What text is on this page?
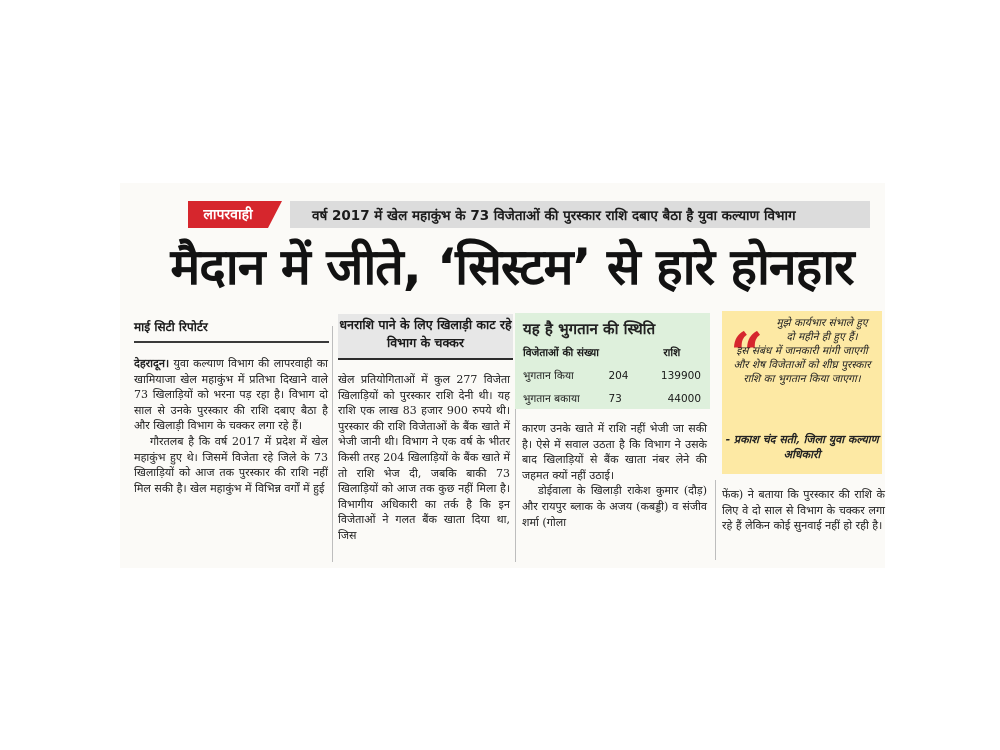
लापरवाही	वर्ष 2017 में खेल महाकुंभ के 73 विजेताओं की पुरस्कार राशि दबाए बैठा है युवा कल्याण विभाग
मैदान में जीते, ‘सिस्टम’ से हारे होनहार
माई सिटी रिपोर्टर

देहरादून। युवा कल्याण विभाग की लापरवाही का खामियाजा खेल महाकुंभ में प्रतिभा दिखाने वाले 73 खिलाड़ियों को भरना पड़ रहा है। विभाग दो साल से उनके पुरस्कार की राशि दबाए बैठा है और खिलाड़ी विभाग के चक्कर लगा रहे हैं।

गौरतलब है कि वर्ष 2017 में प्रदेश में खेल महाकुंभ हुए थे। जिसमें विजेता रहे जिले के 73 खिलाड़ियों को आज तक पुरस्कार की राशि नहीं मिल सकी है। खेल महाकुंभ में विभिन्न वर्गों में हुई

धनराशि पाने के लिए खिलाड़ी काट रहे विभाग के चक्कर

खेल प्रतियोगिताओं में कुल 277 विजेता खिलाड़ियों को पुरस्कार राशि देनी थी। यह राशि एक लाख 83 हजार 900 रुपये थी। पुरस्कार की राशि विजेताओं के बैंक खाते में भेजी जानी थी। विभाग ने एक वर्ष के भीतर किसी तरह 204 खिलाड़ियों के बैंक खाते में तो राशि भेज दी, जबकि बाकी 73 खिलाड़ियों को आज तक कुछ नहीं मिला है। विभागीय अधिकारी का तर्क है कि इन विजेताओं ने गलत बैंक खाता दिया था, जिस

यह है भुगतान की स्थिति
विजेताओं की संख्या		राशि
भुगतान किया	204	139900
भुगतान बकाया	73	44000

कारण उनके खाते में राशि नहीं भेजी जा सकी है। ऐसे में सवाल उठता है कि विभाग ने उसके बाद खिलाड़ियों से बैंक खाता नंबर लेने की जहमत क्यों नहीं उठाई।

डोईवाला के खिलाड़ी राकेश कुमार (दौड़) और रायपुर ब्लाक के अजय (कबड्डी) व संजीव शर्मा (गोला

“	मुझे कार्यभार संभाले हुए दो महीने ही हुए हैं।
इस संबंध में जानकारी मांगी जाएगी और शेष विजेताओं को शीघ्र पुरस्कार राशि का भुगतान किया जाएगा।
- प्रकाश चंद सती, जिला युवा कल्याण अधिकारी

फेंक) ने बताया कि पुरस्कार की राशि के लिए वे दो साल से विभाग के चक्कर लगा रहे हैं लेकिन कोई सुनवाई नहीं हो रही है।
